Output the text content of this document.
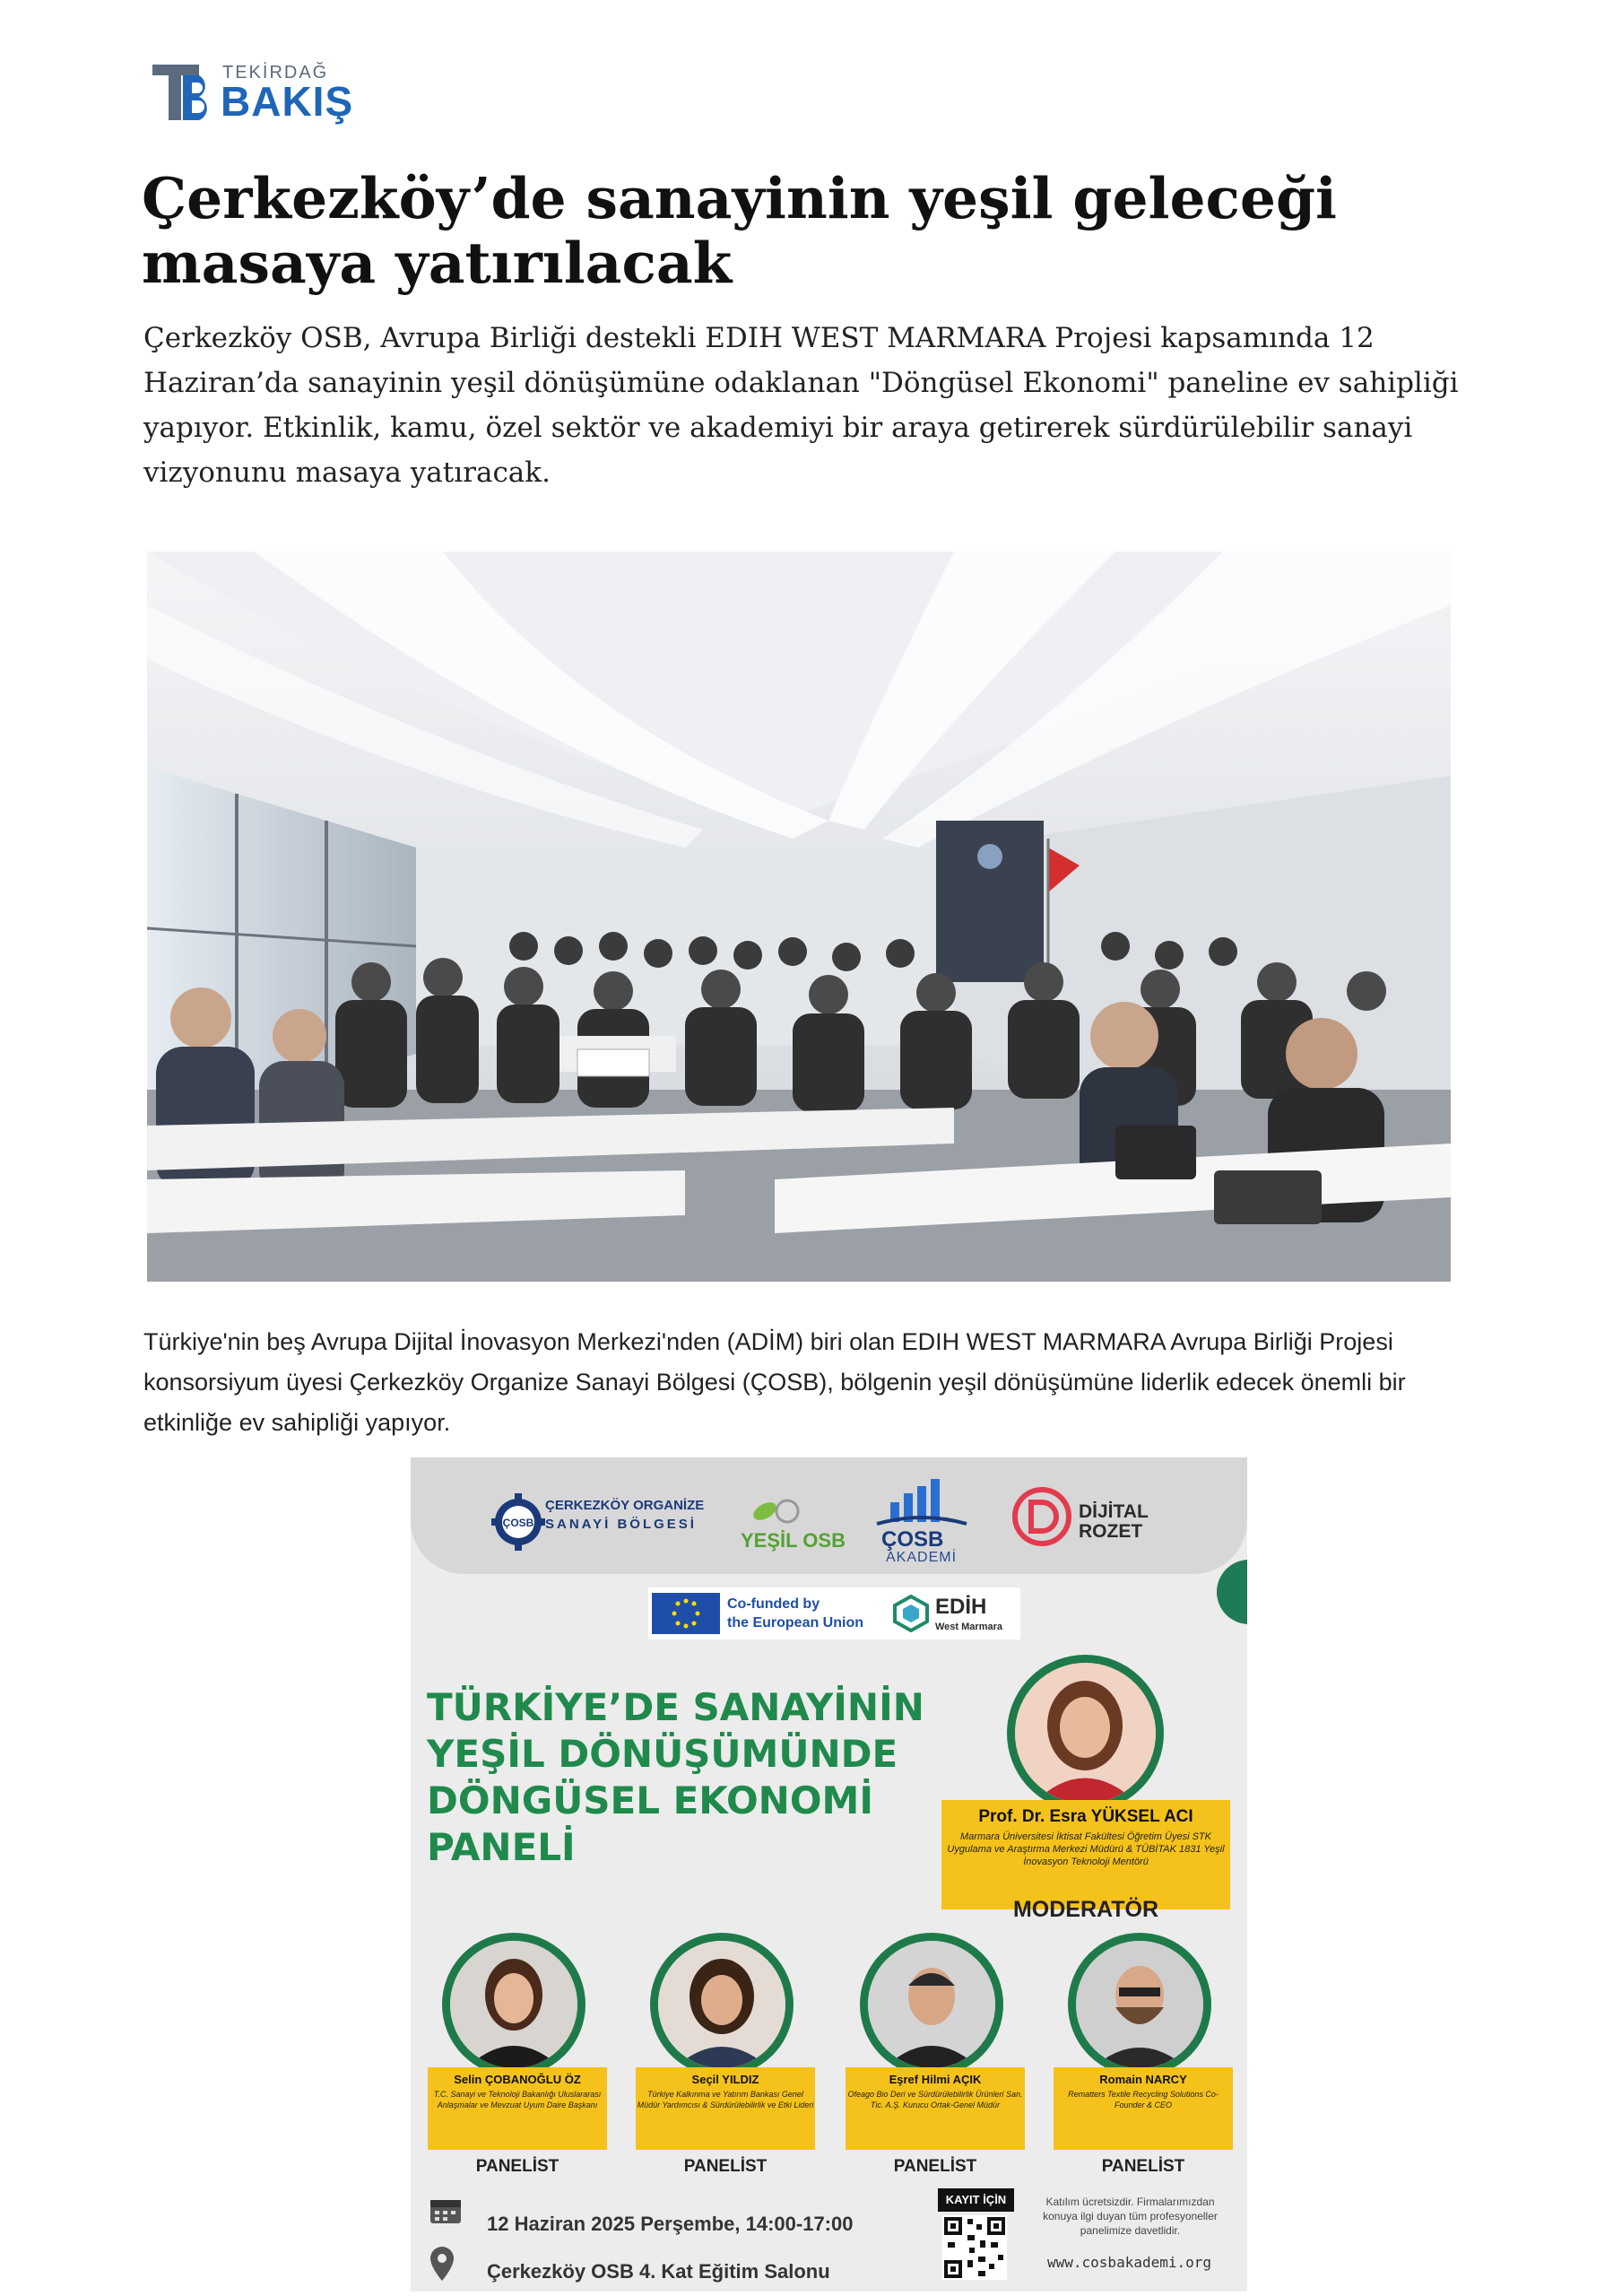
TEKİRDAĞ
BAKIŞ
Çerkezköy’de sanayinin yeşil geleceği
masaya yatırılacak

Çerkezköy OSB, Avrupa Birliği destekli EDIH WEST MARMARA Projesi kapsamında 12 Haziran’da sanayinin yeşil dönüşümüne odaklanan "Döngüsel Ekonomi" paneline ev sahipliği yapıyor. Etkinlik, kamu, özel sektör ve akademiyi bir araya getirerek sürdürülebilir sanayi vizyonunu masaya yatıracak.

Türkiye'nin beş Avrupa Dijital İnovasyon Merkezi'nden (ADİM) biri olan EDIH WEST MARMARA Avrupa Birliği Projesi konsorsiyum üyesi Çerkezköy Organize Sanayi Bölgesi (ÇOSB), bölgenin yeşil dönüşümüne liderlik edecek önemli bir etkinliğe ev sahipliği yapıyor.

ÇOSB
ÇERKEZKÖY ORGANİZE
SANAYİ BÖLGESİ
YEŞİL OSB ÇOSB
AKADEMİ
DİJİTAL
ROZET
Co-funded by
the European Union
EDİH
West Marmara
TÜRKİYE’DE SANAYİNİN
YEŞİL DÖNÜŞÜMÜNDE
DÖNGÜSEL EKONOMİ
PANELİ
Prof. Dr. Esra YÜKSEL ACI
Marmara Üniversitesi İktisat Fakültesi Öğretim Üyesi STK Uygulama ve Araştırma Merkezi Müdürü & TÜBİTAK 1831 Yeşil İnovasyon Teknoloji Mentörü
MODERATÖR
Selin ÇOBANOĞLU ÖZ
T.C. Sanayi ve Teknoloji Bakanlığı Uluslararası Anlaşmalar ve Mevzuat Uyum Daire Başkanı
PANELİST
Seçil YILDIZ
Türkiye Kalkınma ve Yatırım Bankası Genel Müdür Yardımcısı & Sürdürülebilirlik ve Etki Lideri
PANELİST
Eşref Hilmi AÇIK
Ofeago Bio Deri ve Sürdürülebilirlik Ürünleri San. Tic. A.Ş. Kurucu Ortak-Genel Müdür
PANELİST
Romain NARCY
Rematters Textile Recycling Solutions Co-Founder & CEO
PANELİST
12 Haziran 2025 Perşembe, 14:00-17:00
Çerkezköy OSB 4. Kat Eğitim Salonu
KAYIT İÇİN	Katılım ücretsizdir. Firmalarımızdan konuya ilgi duyan tüm profesyoneller panelimize davetlidir.
www.cosbakademi.org
